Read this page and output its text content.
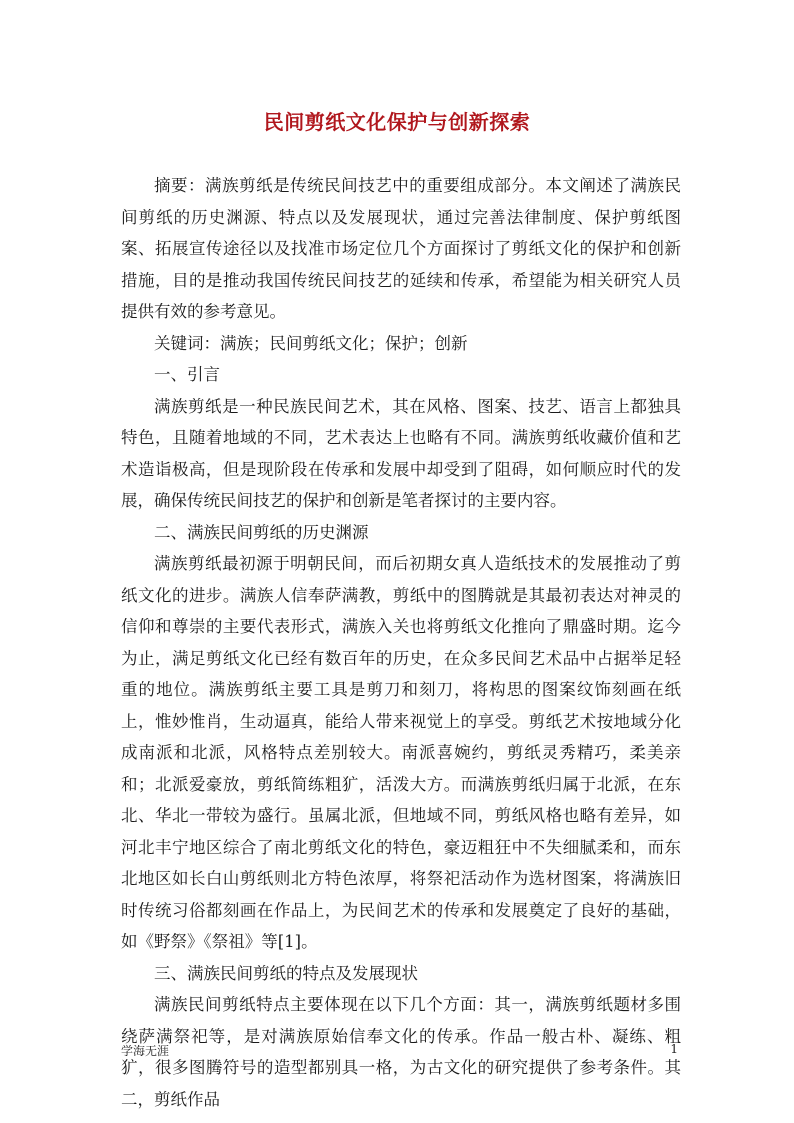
民间剪纸文化保护与创新探索

摘要：满族剪纸是传统民间技艺中的重要组成部分。本文阐述了满族民间剪纸的历史渊源、特点以及发展现状，通过完善法律制度、保护剪纸图案、拓展宣传途径以及找准市场定位几个方面探讨了剪纸文化的保护和创新措施，目的是推动我国传统民间技艺的延续和传承，希望能为相关研究人员提供有效的参考意见。

关键词：满族；民间剪纸文化；保护；创新

一、引言

满族剪纸是一种民族民间艺术，其在风格、图案、技艺、语言上都独具特色，且随着地域的不同，艺术表达上也略有不同。满族剪纸收藏价值和艺术造诣极高，但是现阶段在传承和发展中却受到了阻碍，如何顺应时代的发展，确保传统民间技艺的保护和创新是笔者探讨的主要内容。

二、满族民间剪纸的历史渊源

满族剪纸最初源于明朝民间，而后初期女真人造纸技术的发展推动了剪纸文化的进步。满族人信奉萨满教，剪纸中的图腾就是其最初表达对神灵的信仰和尊崇的主要代表形式，满族入关也将剪纸文化推向了鼎盛时期。迄今为止，满足剪纸文化已经有数百年的历史，在众多民间艺术品中占据举足轻重的地位。满族剪纸主要工具是剪刀和刻刀，将构思的图案纹饰刻画在纸上，惟妙惟肖，生动逼真，能给人带来视觉上的享受。剪纸艺术按地域分化成南派和北派，风格特点差别较大。南派喜婉约，剪纸灵秀精巧，柔美亲和；北派爱豪放，剪纸简练粗犷，活泼大方。而满族剪纸归属于北派，在东北、华北一带较为盛行。虽属北派，但地域不同，剪纸风格也略有差异，如河北丰宁地区综合了南北剪纸文化的特色，豪迈粗狂中不失细腻柔和，而东北地区如长白山剪纸则北方特色浓厚，将祭祀活动作为选材图案，将满族旧时传统习俗都刻画在作品上，为民间艺术的传承和发展奠定了良好的基础，如《野祭》《祭祖》等[1]。

三、满族民间剪纸的特点及发展现状

满族民间剪纸特点主要体现在以下几个方面：其一，满族剪纸题材多围绕萨满祭祀等，是对满族原始信奉文化的传承。作品一般古朴、凝练、粗犷，很多图腾符号的造型都别具一格，为古文化的研究提供了参考条件。其二，剪纸作品

学海无涯	1
